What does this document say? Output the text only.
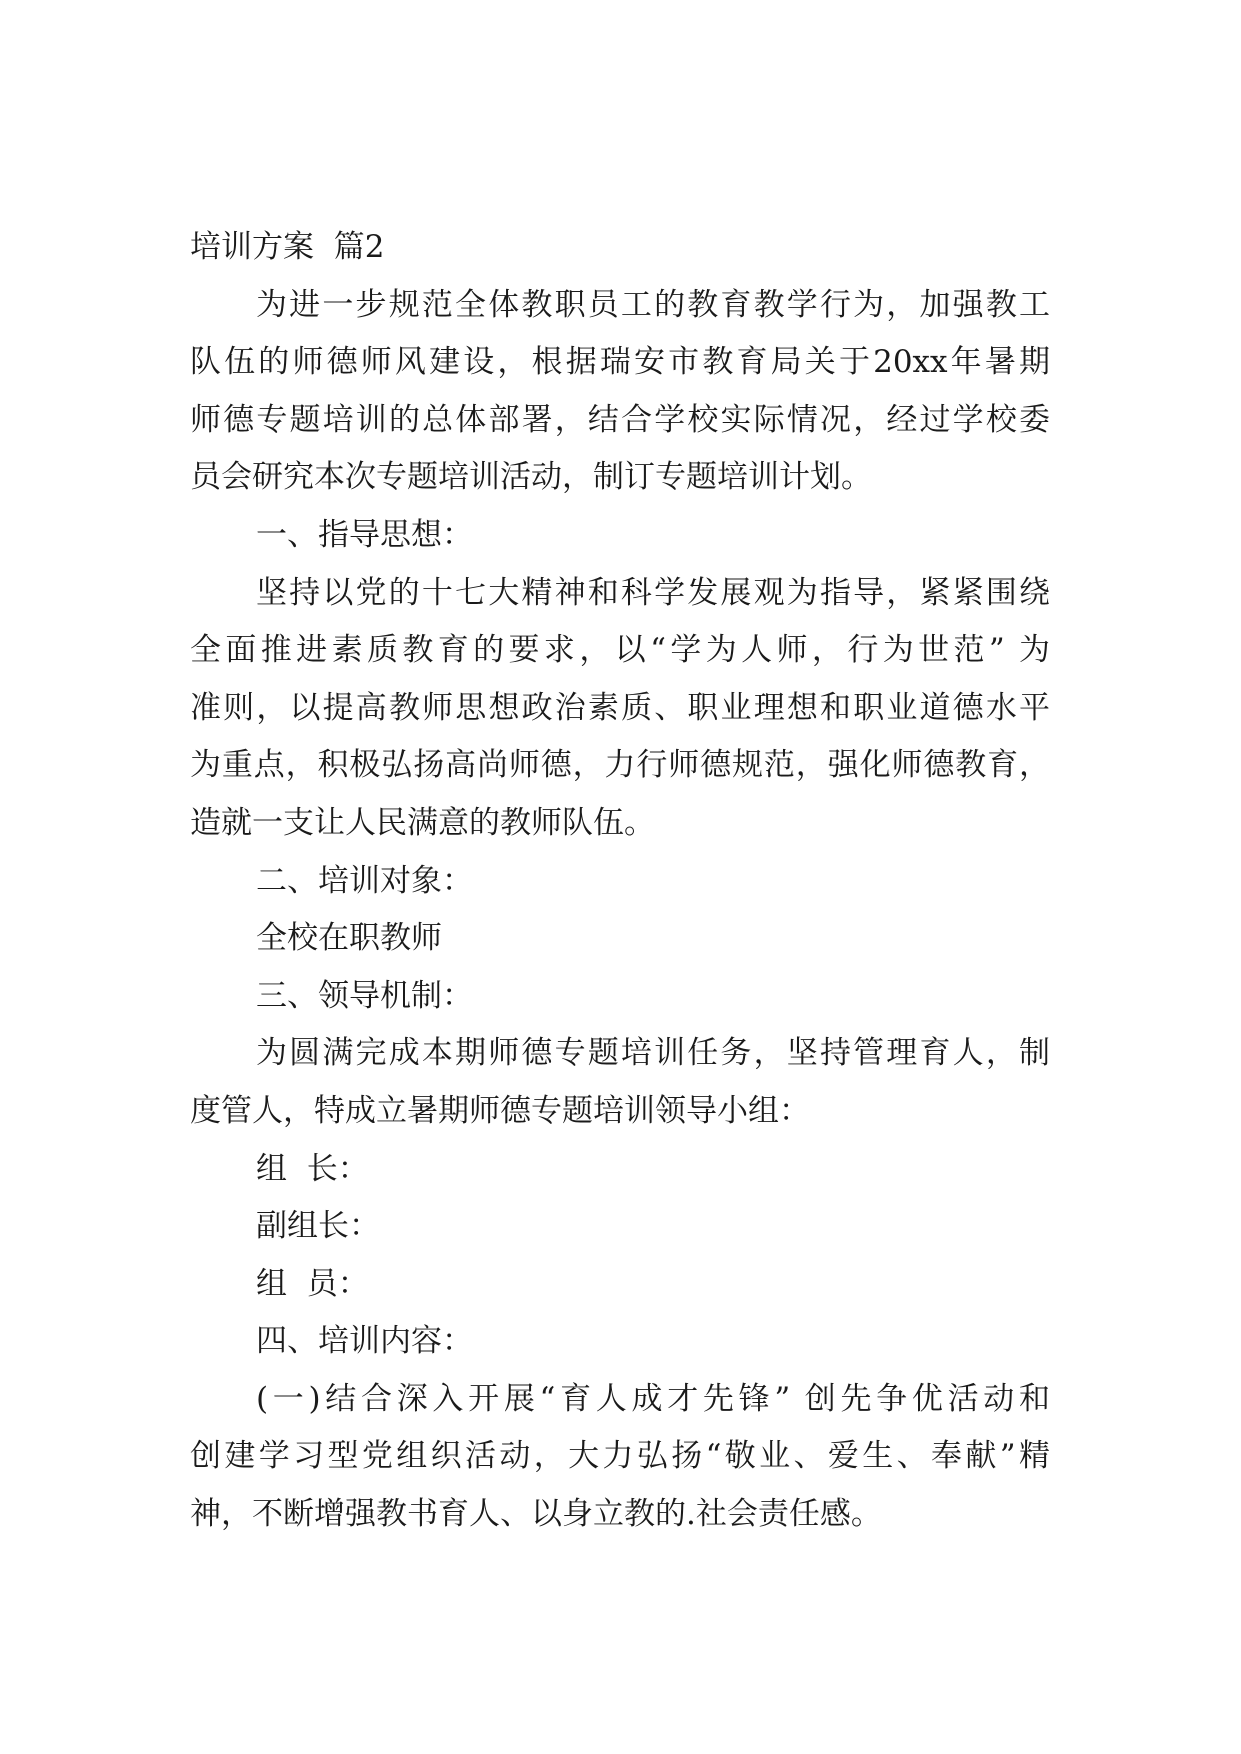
培训方案  篇2
为进一步规范全体教职员工的教育教学行为，加强教工
队伍的师德师风建设，根据瑞安市教育局关于20xx年暑期
师德专题培训的总体部署，结合学校实际情况，经过学校委
员会研究本次专题培训活动，制订专题培训计划。
一、指导思想：
坚持以党的十七大精神和科学发展观为指导，紧紧围绕
全面推进素质教育的要求，以“学为人师，行为世范” 为
准则，以提高教师思想政治素质、职业理想和职业道德水平
为重点，积极弘扬高尚师德，力行师德规范，强化师德教育，
造就一支让人民满意的教师队伍。
二、培训对象：
全校在职教师
三、领导机制：
为圆满完成本期师德专题培训任务，坚持管理育人，制
度管人，特成立暑期师德专题培训领导小组：
组  长：
副组长：
组  员：
四、培训内容：
(一)结合深入开展“育人成才先锋” 创先争优活动和
创建学习型党组织活动，大力弘扬“敬业、爱生、奉献”精
神，不断增强教书育人、以身立教的.社会责任感。
